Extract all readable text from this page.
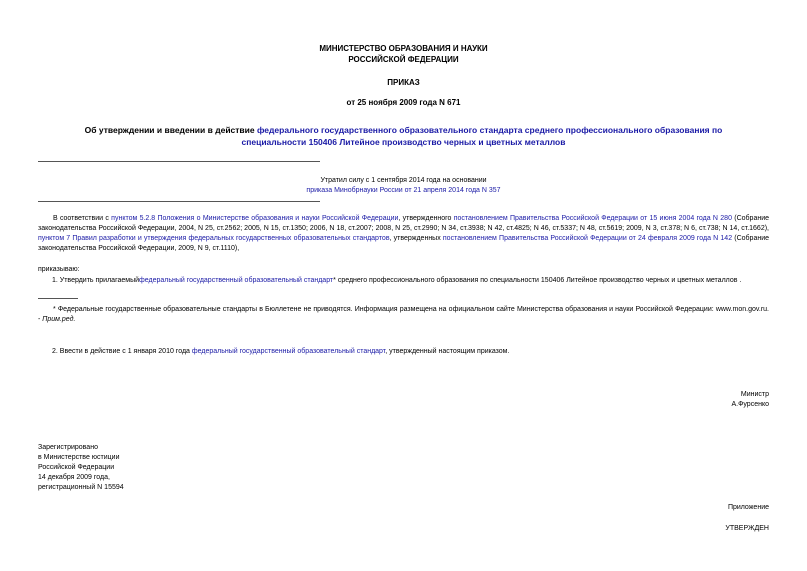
МИНИСТЕРСТВО ОБРАЗОВАНИЯ И НАУКИ
РОССИЙСКОЙ ФЕДЕРАЦИИ
ПРИКАЗ
от 25 ноября 2009 года N 671
Об утверждении и введении в действие федерального государственного образовательного стандарта среднего профессионального образования по специальности 150406 Литейное производство черных и цветных металлов
Утратил силу с 1 сентября 2014 года на основании
приказа Минобрнауки России от 21 апреля 2014 года N 357
В соответствии с пунктом 5.2.8 Положения о Министерстве образования и науки Российской Федерации, утвержденного постановлением Правительства Российской Федерации от 15 июня 2004 года N 280 (Собрание законодательства Российской Федерации, 2004, N 25, ст.2562; 2005, N 15, ст.1350; 2006, N 18, ст.2007; 2008, N 25, ст.2990; N 34, ст.3938; N 42, ст.4825; N 46, ст.5337; N 48, ст.5619; 2009, N 3, ст.378; N 6, ст.738; N 14, ст.1662), пунктом 7 Правил разработки и утверждения федеральных государственных образовательных стандартов, утвержденных постановлением Правительства Российской Федерации от 24 февраля 2009 года N 142 (Собрание законодательства Российской Федерации, 2009, N 9, ст.1110),
приказываю:
1. Утвердить прилагаемыйфедеральный государственный образовательный стандарт* среднего профессионального образования по специальности 150406 Литейное производство черных и цветных металлов .
* Федеральные государственные образовательные стандарты в Бюллетене не приводятся. Информация размещена на официальном сайте Министерства образования и науки Российской Федерации: www.mon.gov.ru. - Прим.ред.
2. Ввести в действие с 1 января 2010 года федеральный государственный образовательный стандарт, утвержденный настоящим приказом.
Министр
А.Фурсенко
Зарегистрировано
в Министерстве юстиции
Российской Федерации
14 декабря 2009 года,
регистрационный N 15594
Приложение
УТВЕРЖДЕН
